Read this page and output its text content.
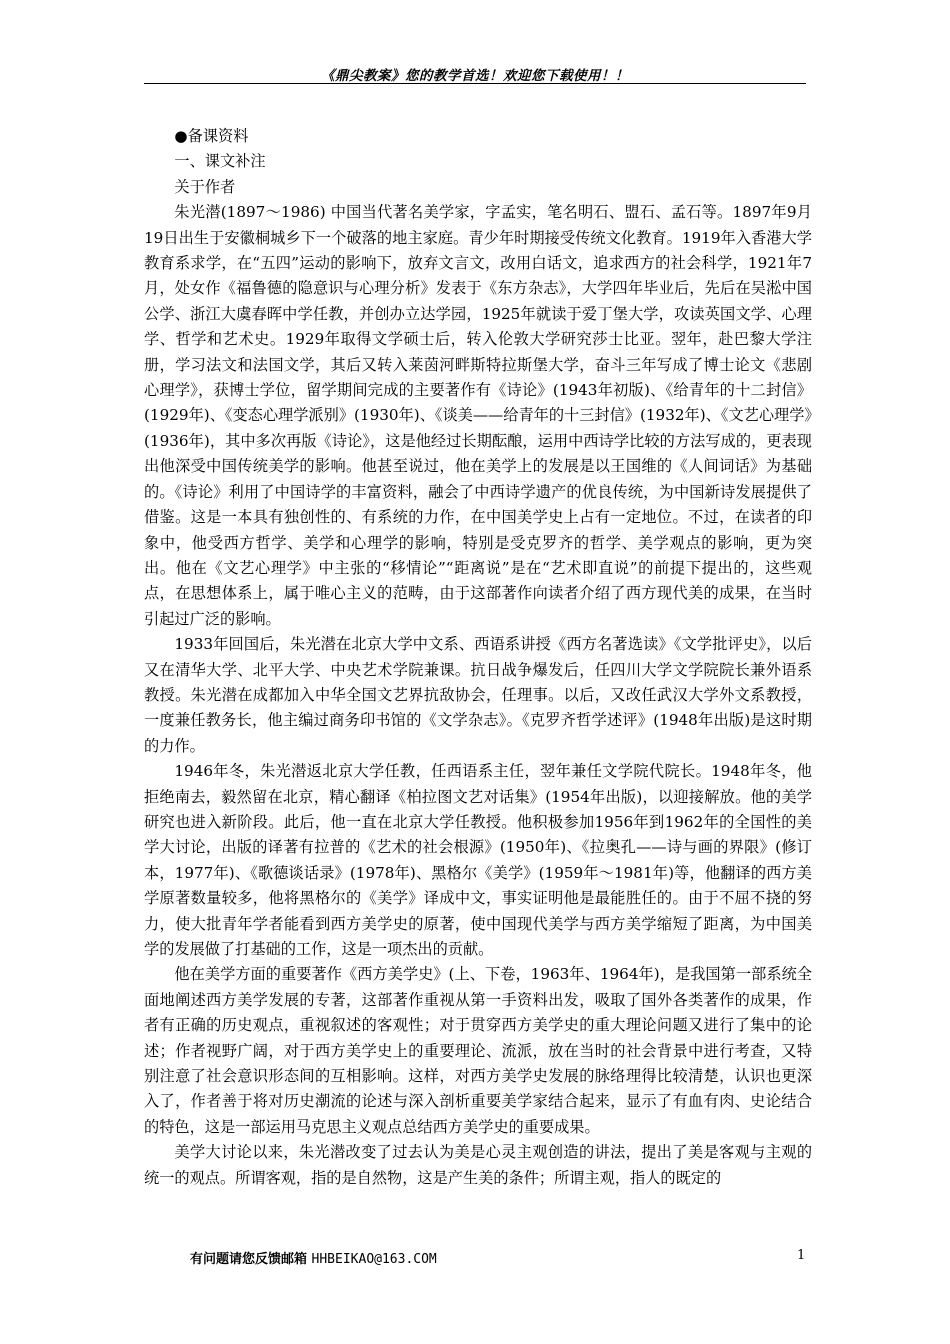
《鼎尖教案》您的教学首选！欢迎您下载使用！！

●备课资料

一、课文补注

关于作者

朱光潜(1897～1986) 中国当代著名美学家，字孟实，笔名明石、盟石、孟石等。1897年9月19日出生于安徽桐城乡下一个破落的地主家庭。青少年时期接受传统文化教育。1919年入香港大学教育系求学，在“五四”运动的影响下，放弃文言文，改用白话文，追求西方的社会科学，1921年7月，处女作《福鲁德的隐意识与心理分析》发表于《东方杂志》，大学四年毕业后，先后在吴淞中国公学、浙江大虞春晖中学任教，并创办立达学园，1925年就读于爱丁堡大学，攻读英国文学、心理学、哲学和艺术史。1929年取得文学硕士后，转入伦敦大学研究莎士比亚。翌年，赴巴黎大学注册，学习法文和法国文学，其后又转入莱茵河畔斯特拉斯堡大学，奋斗三年写成了博士论文《悲剧心理学》，获博士学位，留学期间完成的主要著作有《诗论》(1943年初版)、《给青年的十二封信》(1929年)、《变态心理学派别》(1930年)、《谈美——给青年的十三封信》(1932年)、《文艺心理学》(1936年)，其中多次再版《诗论》，这是他经过长期酝酿，运用中西诗学比较的方法写成的，更表现出他深受中国传统美学的影响。他甚至说过，他在美学上的发展是以王国维的《人间词话》为基础的。《诗论》利用了中国诗学的丰富资料，融会了中西诗学遗产的优良传统，为中国新诗发展提供了借鉴。这是一本具有独创性的、有系统的力作，在中国美学史上占有一定地位。不过，在读者的印象中，他受西方哲学、美学和心理学的影响，特别是受克罗齐的哲学、美学观点的影响，更为突出。他在《文艺心理学》中主张的“移情论”“距离说”是在“艺术即直说”的前提下提出的，这些观点，在思想体系上，属于唯心主义的范畴，由于这部著作向读者介绍了西方现代美的成果，在当时引起过广泛的影响。

1933年回国后，朱光潜在北京大学中文系、西语系讲授《西方名著选读》《文学批评史》，以后又在清华大学、北平大学、中央艺术学院兼课。抗日战争爆发后，任四川大学文学院院长兼外语系教授。朱光潜在成都加入中华全国文艺界抗敌协会，任理事。以后，又改任武汉大学外文系教授，一度兼任教务长，他主编过商务印书馆的《文学杂志》。《克罗齐哲学述评》(1948年出版)是这时期的力作。

1946年冬，朱光潜返北京大学任教，任西语系主任，翌年兼任文学院代院长。1948年冬，他拒绝南去，毅然留在北京，精心翻译《柏拉图文艺对话集》(1954年出版)，以迎接解放。他的美学研究也进入新阶段。此后，他一直在北京大学任教授。他积极参加1956年到1962年的全国性的美学大讨论，出版的译著有拉普的《艺术的社会根源》(1950年)、《拉奥孔——诗与画的界限》(修订本，1977年)、《歌德谈话录》(1978年)、黑格尔《美学》(1959年～1981年)等，他翻译的西方美学原著数量较多，他将黑格尔的《美学》译成中文，事实证明他是最能胜任的。由于不屈不挠的努力，使大批青年学者能看到西方美学史的原著，使中国现代美学与西方美学缩短了距离，为中国美学的发展做了打基础的工作，这是一项杰出的贡献。

他在美学方面的重要著作《西方美学史》(上、下卷，1963年、1964年)，是我国第一部系统全面地阐述西方美学发展的专著，这部著作重视从第一手资料出发，吸取了国外各类著作的成果，作者有正确的历史观点，重视叙述的客观性；对于贯穿西方美学史的重大理论问题又进行了集中的论述；作者视野广阔，对于西方美学史上的重要理论、流派，放在当时的社会背景中进行考查，又特别注意了社会意识形态间的互相影响。这样，对西方美学史发展的脉络理得比较清楚，认识也更深入了，作者善于将对历史潮流的论述与深入剖析重要美学家结合起来，显示了有血有肉、史论结合的特色，这是一部运用马克思主义观点总结西方美学史的重要成果。

美学大讨论以来，朱光潜改变了过去认为美是心灵主观创造的讲法，提出了美是客观与主观的统一的观点。所谓客观，指的是自然物，这是产生美的条件；所谓主观，指人的既定的

有问题请您反馈邮箱 HHBEIKAO@163.COM	1
